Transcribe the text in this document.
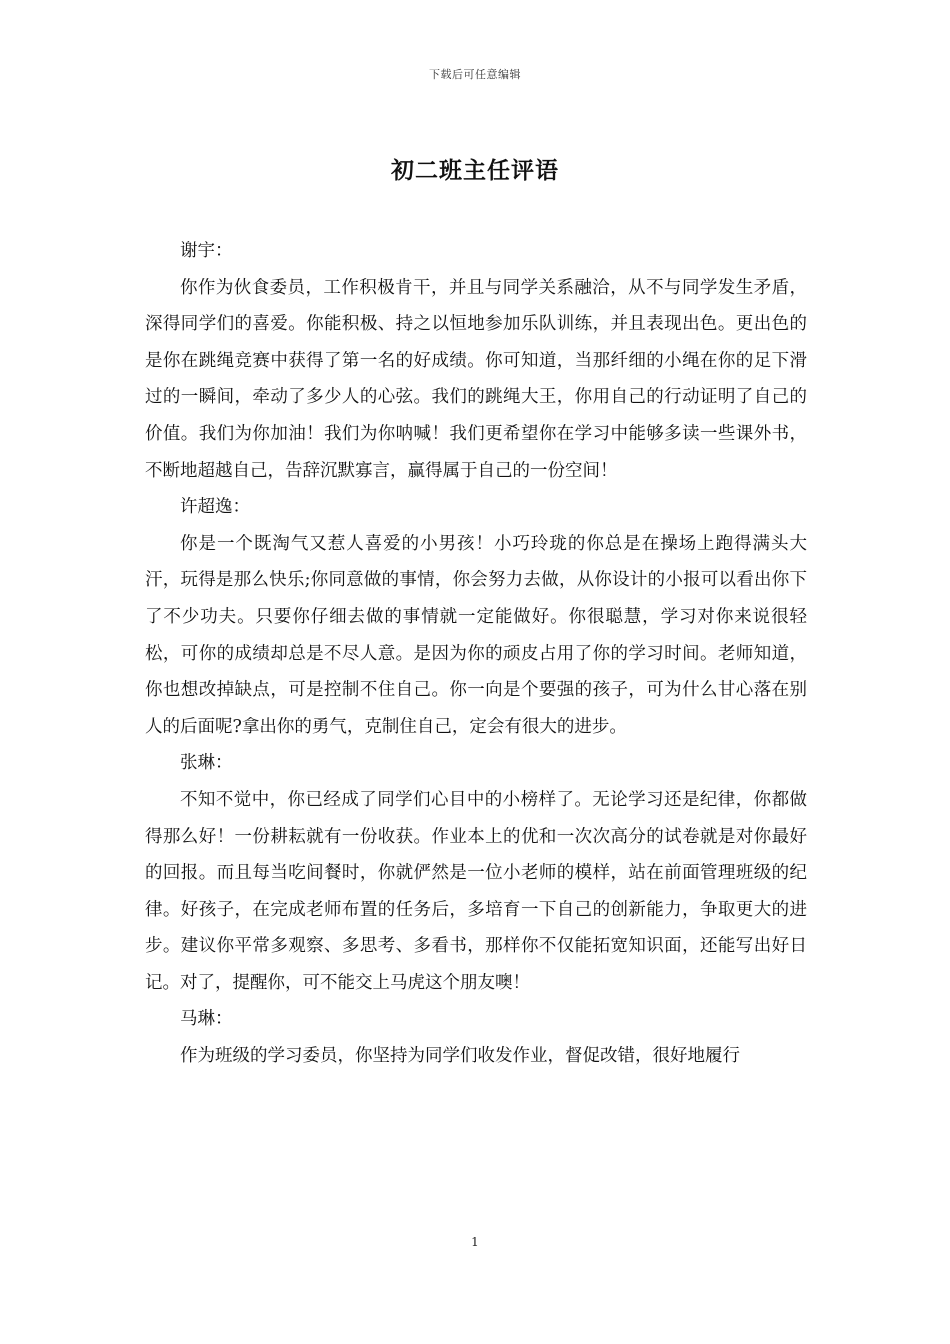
下载后可任意编辑
初二班主任评语

谢宇：

你作为伙食委员，工作积极肯干，并且与同学关系融洽，从不与同学发生矛盾，深得同学们的喜爱。你能积极、持之以恒地参加乐队训练，并且表现出色。更出色的是你在跳绳竞赛中获得了第一名的好成绩。你可知道，当那纤细的小绳在你的足下滑过的一瞬间，牵动了多少人的心弦。我们的跳绳大王，你用自己的行动证明了自己的价值。我们为你加油！我们为你呐喊！我们更希望你在学习中能够多读一些课外书，不断地超越自己，告辞沉默寡言，赢得属于自己的一份空间！

许超逸：

你是一个既淘气又惹人喜爱的小男孩！小巧玲珑的你总是在操场上跑得满头大汗，玩得是那么快乐;你同意做的事情，你会努力去做，从你设计的小报可以看出你下了不少功夫。只要你仔细去做的事情就一定能做好。你很聪慧，学习对你来说很轻松，可你的成绩却总是不尽人意。是因为你的顽皮占用了你的学习时间。老师知道，你也想改掉缺点，可是控制不住自己。你一向是个要强的孩子，可为什么甘心落在别人的后面呢?拿出你的勇气，克制住自己，定会有很大的进步。

张琳：

不知不觉中，你已经成了同学们心目中的小榜样了。无论学习还是纪律，你都做得那么好！一份耕耘就有一份收获。作业本上的优和一次次高分的试卷就是对你最好的回报。而且每当吃间餐时，你就俨然是一位小老师的模样，站在前面管理班级的纪律。好孩子，在完成老师布置的任务后，多培育一下自己的创新能力，争取更大的进步。建议你平常多观察、多思考、多看书，那样你不仅能拓宽知识面，还能写出好日记。对了，提醒你，可不能交上马虎这个朋友噢！

马琳：

作为班级的学习委员，你坚持为同学们收发作业，督促改错，很好地履行

1
